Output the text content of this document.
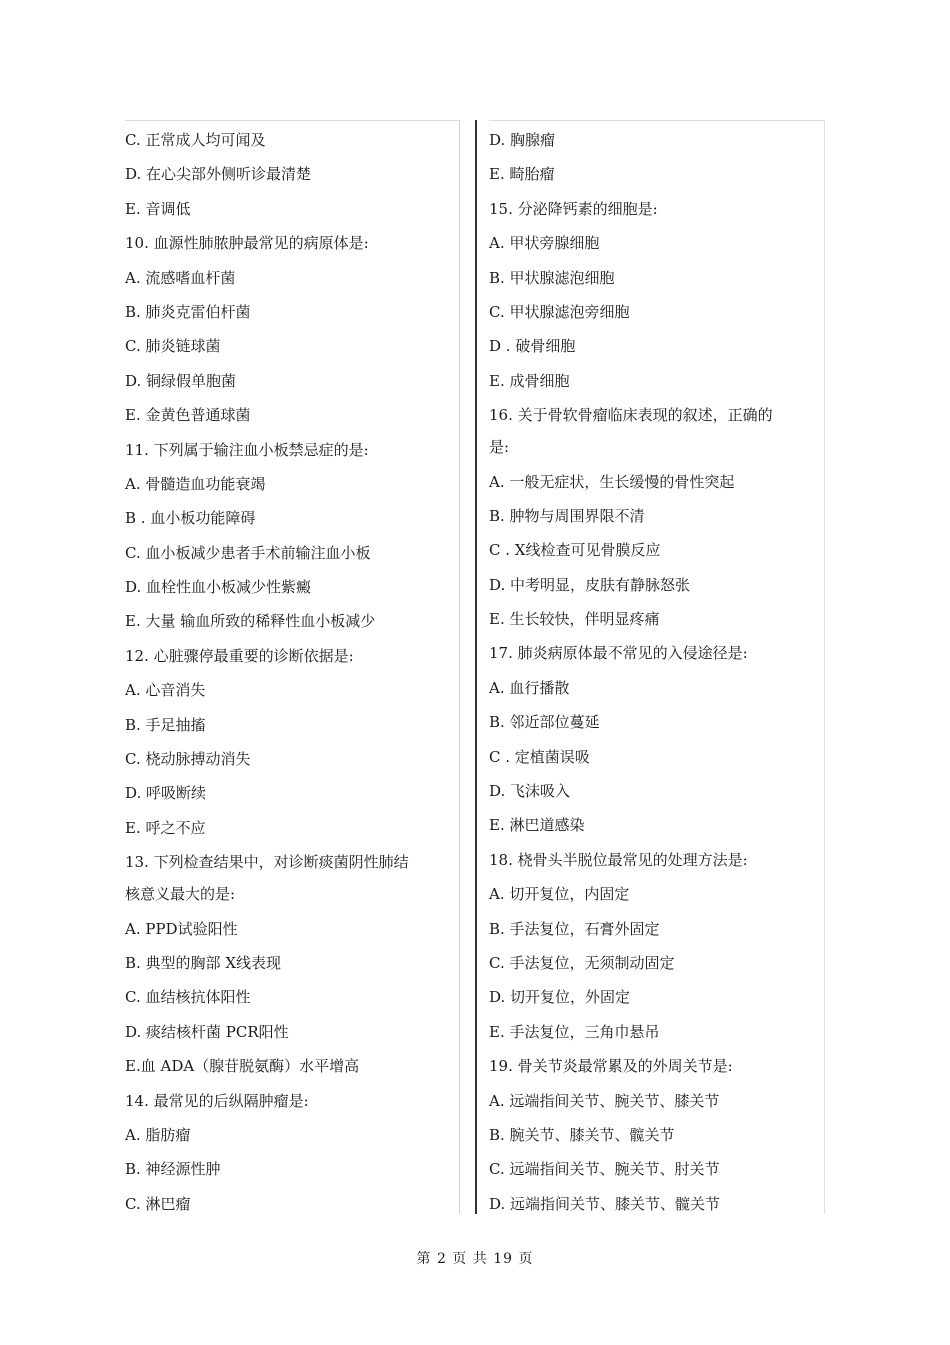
C. 正常成人均可闻及
D. 在心尖部外侧听诊最清楚
E. 音调低
10. 血源性肺脓肿最常见的病原体是:
A. 流感嗜血杆菌
B. 肺炎克雷伯杆菌
C. 肺炎链球菌
D. 铜绿假单胞菌
E. 金黄色普通球菌
11. 下列属于输注血小板禁忌症的是:
A. 骨髓造血功能衰竭
B . 血小板功能障碍
C. 血小板减少患者手术前输注血小板
D. 血栓性血小板减少性紫癜
E. 大量 输血所致的稀释性血小板减少
12. 心脏骤停最重要的诊断依据是:
A. 心音消失
B. 手足抽搐
C. 桡动脉搏动消失
D. 呼吸断续
E. 呼之不应
13. 下列检查结果中，对诊断痰菌阴性肺结
核意义最大的是:
A. PPD试验阳性
B. 典型的胸部 X线表现
C. 血结核抗体阳性
D. 痰结核杆菌 PCR阳性
E.血 ADA（腺苷脱氨酶）水平增高
14. 最常见的后纵隔肿瘤是:
A. 脂肪瘤
B. 神经源性肿
C. 淋巴瘤
D. 胸腺瘤
E. 畸胎瘤
15. 分泌降钙素的细胞是:
A. 甲状旁腺细胞
B. 甲状腺滤泡细胞
C. 甲状腺滤泡旁细胞
D . 破骨细胞
E. 成骨细胞
16. 关于骨软骨瘤临床表现的叙述，正确的
是:
A. 一般无症状，生长缓慢的骨性突起
B. 肿物与周围界限不清
C . X线检查可见骨膜反应
D. 中考明显，皮肤有静脉怒张
E. 生长较快，伴明显疼痛
17. 肺炎病原体最不常见的入侵途径是:
A. 血行播散
B. 邻近部位蔓延
C . 定植菌误吸
D. 飞沫吸入
E. 淋巴道感染
18. 桡骨头半脱位最常见的处理方法是:
A. 切开复位，内固定
B. 手法复位，石膏外固定
C. 手法复位，无须制动固定
D. 切开复位，外固定
E. 手法复位，三角巾悬吊
19. 骨关节炎最常累及的外周关节是:
A. 远端指间关节、腕关节、膝关节
B. 腕关节、膝关节、髋关节
C. 远端指间关节、腕关节、肘关节
D. 远端指间关节、膝关节、髋关节
第 2 页 共 19 页
